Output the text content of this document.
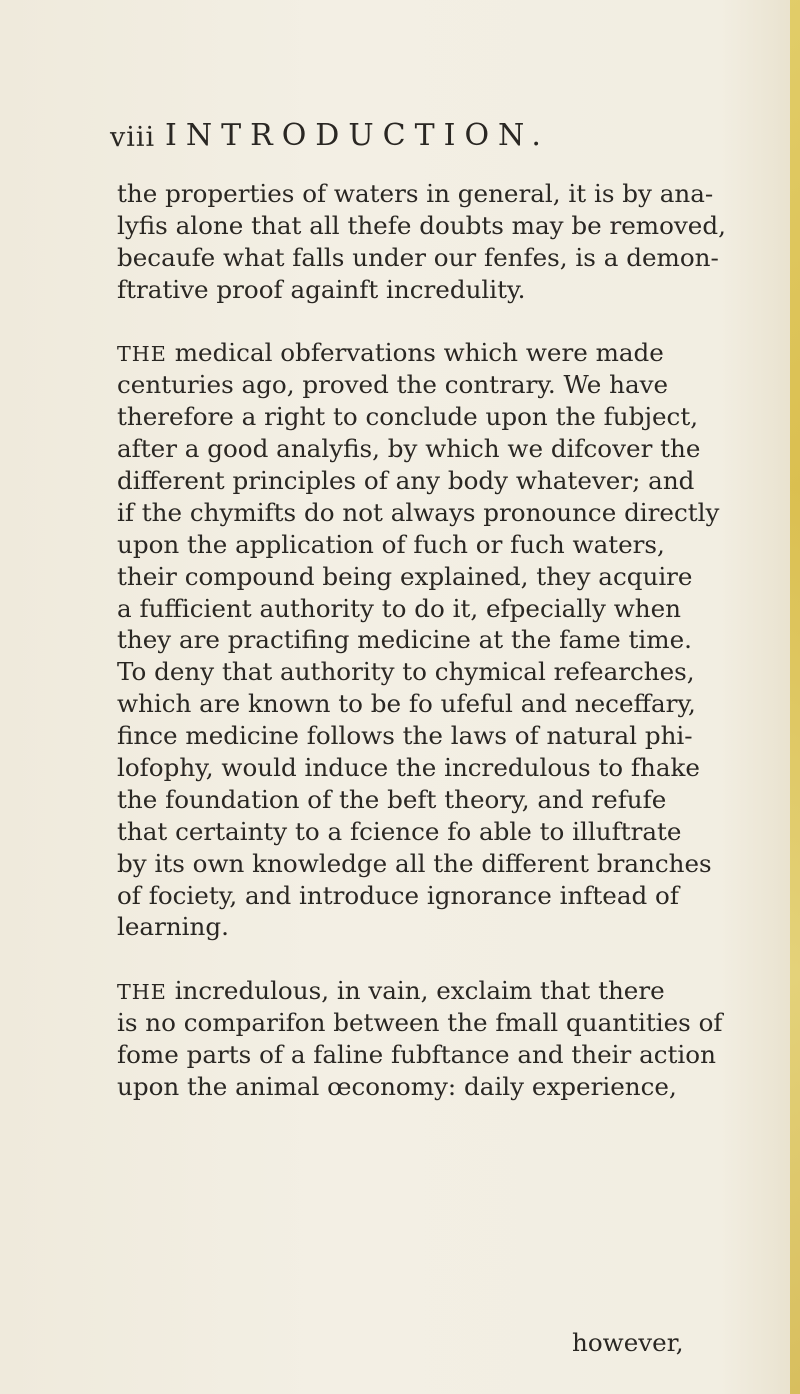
viii INTRODUCTION.
the properties of waters in general, it is by ana-
lyfis alone that all thefe doubts may be removed,
becaufe what falls under our fenfes, is a demon-
ftrative proof againft incredulity.
THE medical obfervations which were made
centuries ago, proved the contrary. We have
therefore a right to conclude upon the fubject,
after a good analyfis, by which we difcover the
different principles of any body whatever; and
if the chymifts do not always pronounce directly
upon the application of fuch or fuch waters,
their compound being explained, they acquire
a fufficient authority to do it, efpecially when
they are practifing medicine at the fame time.
To deny that authority to chymical refearches,
which are known to be fo ufeful and neceffary,
fince medicine follows the laws of natural phi-
lofophy, would induce the incredulous to fhake
the foundation of the beft theory, and refufe
that certainty to a fcience fo able to illuftrate
by its own knowledge all the different branches
of fociety, and introduce ignorance inftead of
learning.
THE incredulous, in vain, exclaim that there
is no comparifon between the fmall quantities of
fome parts of a faline fubftance and their action
upon the animal œconomy: daily experience,
however,
